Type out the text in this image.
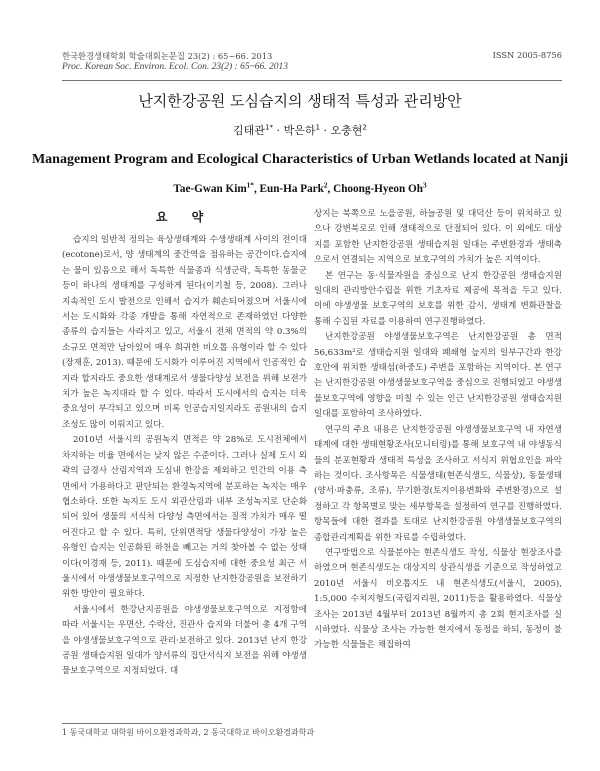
한국환경생태학회 학술대회논문집 23(2) : 65~66. 2013	ISSN 2005-8756
Proc. Korean Soc. Environ. Ecol. Con. 23(2) : 65~66. 2013
난지한강공원 도심습지의 생태적 특성과 관리방안
김태관$^{1*}$ · 박은하$^1$ · 오충현$^2$
Management Program and Ecological Characteristics of Urban Wetlands located at Nanji
Tae-Gwan Kim$^{1*}$, Eun-Ha Park$^2$, Choong-Hyeon Oh$^3$
요 약

습지의 일반적 정의는 육상생태계와 수생생태계 사이의 전이대(ecotone)로서, 양 생태계의 중간역을 점유하는 공간이다.습지에는 물이 있음으로 해서 독특한 식물종과 식생군락, 독특한 동물군 등이 하나의 생태계를 구성하게 된다(이기철 등, 2008). 그러나 지속적인 도시 발전으로 인해서 습지가 훼손되어졌으며 서울시에서는 도시화와 각종 개발을 통해 자연적으로 존재하였던 다양한 종류의 습지들는 사라지고 있고, 서울시 전체 면적의 약 0.3%의 소규모 면적만 남아있어 매우 희귀한 비오톱 유형이라 할 수 있다(장재훈, 2013). 때문에 도시화가 이루어진 지역에서 인공적인 습지라 할지라도 중요한 생태계로서 생물다양성 보전을 위해 보전가치가 높은 녹지대라 할 수 있다. 따라서 도시에서의 습지는 더욱 중요성이 부각되고 있으며 비록 인공습지일지라도 공원내의 습지조성도 많이 이뤄지고 있다.

2010년 서울시의 공원녹지 면적은 약 28%로 도시전체에서 차지하는 비율 면에서는 낮지 않은 수준이다. 그러나 실제 도시 외곽의 급경사 산림지역과 도심내 한강을 제외하고 인간의 이용 측면에서 가용하다고 판단되는 환경녹지역에 분포하는 녹지는 매우 협소하다. 또한 녹지도 도시 외관산림과 내부 조성녹지로 단순화되어 있어 생물의 서식처 다양성 측면에서는 질적 가치가 매우 떨어진다고 할 수 있다. 특히, 단위면적당 생물다양성이 가장 높은 유형인 습지는 인공화된 하천을 빼고는 거의 찾아볼 수 없는 상태이다(이경재 등, 2011). 때문에 도심습지에 대한 중요성 최근 서울시에서 야생생물보호구역으로 지정한 난지한강공원을 보전하기 위한 방안이 필요하다.

서울시에서 한강난지공원을 야생생물보호구역으로 지정함에 따라 서울시는 우면산, 수락산, 진관사 습지와 더불어 총 4개 구역을 야생생물보호구역으로 관리·보전하고 있다. 2013년 난지 한강공원 생태습지원 일대가 양서류의 집단서식지 보전을 위해 야생생물보호구역으로 지정되었다. 대

상지는 북쪽으로 노을공원, 하늘공원 및 대덕산 등이 위치하고 있으나 강변북로로 인해 생태적으로 단절되어 있다. 이 외에도 대상지를 포함한 난지한강공원 생태습지원 일대는 주변환경과 생태축으로서 연결되는 지역으로 보호구역의 가치가 높은 지역이다.

본 연구는 동·식물자원을 중심으로 난지 한강공원 생태습지원 일대의 관리방안수립을 위한 기초자료 제공에 목적을 두고 있다. 이에 야생생물 보호구역의 보호를 위한 감시, 생태계 변화관찰을 통해 수집된 자료를 이용하여 연구진행하였다.

난지한강공원 야생생물보호구역은 난지한강공원 총 면적 56,633m²로 생태습지원 일대와 폐쇄형 늪지의 일부구간과 한강 호안에 위치한 생태섬(하중도) 주변을 포함하는 지역이다. 본 연구는 난지한강공원 야생생물보호구역을 중심으로 진행되었고 야생생물보호구역에 영향을 미칠 수 있는 인근 난지한강공원 생태습지원 일대를 포함하여 조사하였다.

연구의 주요 내용은 난지한강공원 야생생물보호구역 내 자연생태계에 대한 생태현황조사(모니터링)를 통해 보호구역 내 야생동식물의 분포현황과 생태적 특성을 조사하고 서식지 위협요인을 파악하는 것이다. 조사항목은 식물생태(현존식생도, 식물상), 동물생태(양서·파충류, 조류), 무기환경(토지이용변화와 주변환경)으로 설정하고 각 항목별로 맞는 세부항목을 설정하여 연구를 진행하였다. 항목들에 대한 결과를 토대로 난지한강공원 야생생물보호구역의 종합관리계획을 위한 자료를 수립하였다.

연구방법으로 식물분야는 현존식생도 작성, 식물상 현장조사를 하였으며 현존식생도는 대상지의 상관식생을 기준으로 작성하였고 2010년 서울시 비오톱지도 내 현존식생도(서울시, 2005), 1:5,000 수치지형도(국립지리원, 2011)등을 활용하였다. 식물상 조사는 2013년 4월부터 2013년 8월까지 총 2회 현지조사를 실시하였다. 식물상 조사는 가능한 현지에서 동정을 하되, 동정이 불가능한 식물들은 채집하여

1 동국대학교 대학원 바이오환경과학과, 2 동국대학교 바이오환경과학과
